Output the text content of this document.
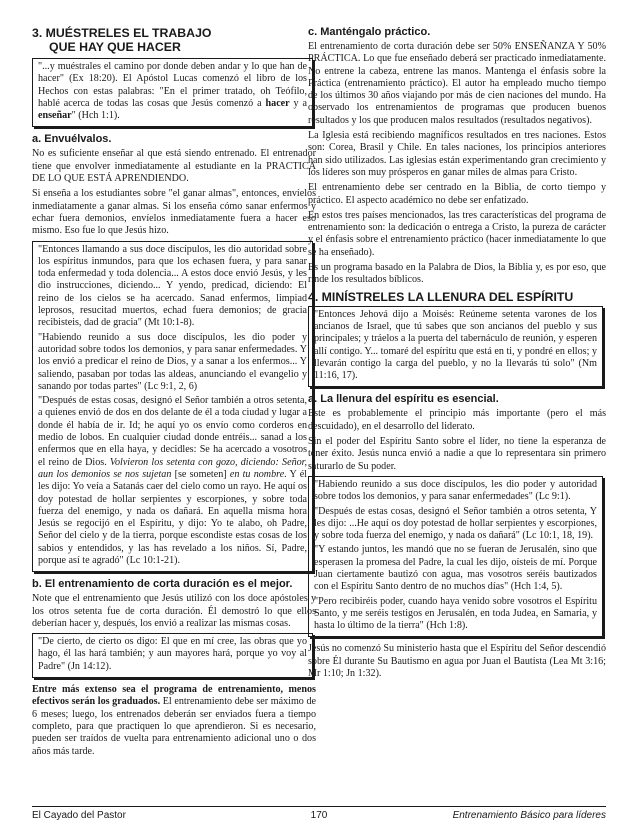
3. MUÉSTRELES EL TRABAJO
QUE HAY QUE HACER

"...y muéstrales el camino por donde deben andar y lo que han de hacer" (Ex 18:20). El Apóstol Lucas comenzó el libro de los Hechos con estas palabras: "En el primer tratado, oh Teófilo, hablé acerca de todas las cosas que Jesús comenzó a hacer y a enseñar" (Hch 1:1).

a. Envuélvalos.

No es suficiente enseñar al que está siendo entrenado. El entrenador tiene que envolver inmediatamente al estudiante en la PRACTICA DE LO QUE ESTÁ APRENDIENDO.

Si enseña a los estudiantes sobre "el ganar almas", entonces, envíelos inmediatamente a ganar almas. Si los enseña cómo sanar enfermos y echar fuera demonios, envíelos inmediatamente fuera a hacer eso mismo. Eso fue lo que Jesús hizo.

"Entonces llamando a sus doce discípulos, les dio autoridad sobre los espíritus inmundos, para que los echasen fuera, y para sanar toda enfermedad y toda dolencia... A estos doce envió Jesús, y les dio instrucciones, diciendo... Y yendo, predicad, diciendo: El reino de los cielos se ha acercado. Sanad enfermos, limpiad leprosos, resucitad muertos, echad fuera demonios; de gracia recibisteis, dad de gracia" (Mt 10:1-8).

"Habiendo reunido a sus doce discípulos, les dio poder y autoridad sobre todos los demonios, y para sanar enfermedades. Y los envió a predicar el reino de Dios, y a sanar a los enfermos... Y saliendo, pasaban por todas las aldeas, anunciando el evangelio y sanando por todas partes" (Lc 9:1, 2, 6)

"Después de estas cosas, designó el Señor también a otros setenta, a quienes envió de dos en dos delante de él a toda ciudad y lugar a donde él había de ir. Id; he aquí yo os envío como corderos en medio de lobos. En cualquier ciudad donde entréis... sanad a los enfermos que en ella haya, y decidles: Se ha acercado a vosotros el reino de Dios. Volvieron los setenta con gozo, diciendo: Señor, aun los demonios se nos sujetan [se someten] en tu nombre. Y él les dijo: Yo veía a Satanás caer del cielo como un rayo. He aquí os doy potestad de hollar serpientes y escorpiones, y sobre toda fuerza del enemigo, y nada os dañará. En aquella misma hora Jesús se regocijó en el Espíritu, y dijo: Yo te alabo, oh Padre, Señor del cielo y de la tierra, porque escondiste estas cosas de los sabios y entendidos, y las has revelado a los niños. Sí, Padre, porque así te agradó" (Lc 10:1-21).

b. El entrenamiento de corta duración es el mejor.

Note que el entrenamiento que Jesús utilizó con los doce apóstoles y los otros setenta fue de corta duración. Él demostró lo que ellos deberían hacer y, después, los envió a realizar las mismas cosas.

"De cierto, de cierto os digo: El que en mí cree, las obras que yo hago, él las hará también; y aun mayores hará, porque yo voy al Padre" (Jn 14:12).

Entre más extenso sea el programa de entrenamiento, menos efectivos serán los graduados. El entrenamiento debe ser máximo de 6 meses; luego, los entrenados deberán ser enviados fuera a tiempo completo, para que practiquen lo que aprendieron. Si es necesario, pueden ser traídos de vuelta para entrenamiento adicional uno o dos años más tarde.

c. Manténgalo práctico.

El entrenamiento de corta duración debe ser 50% ENSEÑANZA Y 50% PRÁCTICA. Lo que fue enseñado deberá ser practicado inmediatamente. No entrene la cabeza, entrene las manos. Mantenga el énfasis sobre la Práctica (entrenamiento práctico). El autor ha empleado mucho tiempo de los últimos 30 años viajando por más de cien naciones del mundo. Ha observado los entrenamientos de programas que producen buenos resultados y los que producen malos resultados (resultados negativos).

La Iglesia está recibiendo magníficos resultados en tres naciones. Estos son: Corea, Brasil y Chile. En tales naciones, los principios anteriores han sido utilizados. Las iglesias están experimentando gran crecimiento y los líderes son muy prósperos en ganar miles de almas para Cristo.

El entrenamiento debe ser centrado en la Biblia, de corto tiempo y práctico. El aspecto académico no debe ser enfatizado.

En estos tres países mencionados, las tres características del programa de entrenamiento son: la dedicación o entrega a Cristo, la pureza de carácter y el énfasis sobre el entrenamiento práctico (hacer inmediatamente lo que se ha enseñado).

Es un programa basado en la Palabra de Dios, la Biblia y, es por eso, que rinde los resultados bíblicos.

4. MINÍSTRELES LA LLENURA DEL ESPÍRITU

"Entonces Jehová dijo a Moisés: Reúneme setenta varones de los ancianos de Israel, que tú sabes que son ancianos del pueblo y sus principales; y tráelos a la puerta del tabernáculo de reunión, y esperen allí contigo. Y... tomaré del espíritu que está en ti, y pondré en ellos; y llevarán contigo la carga del pueblo, y no la llevarás tú solo" (Nm 11:16, 17).

a. La llenura del espíritu es esencial.

Este es probablemente el principio más importante (pero el más descuidado), en el desarrollo del liderato.

Sin el poder del Espíritu Santo sobre el líder, no tiene la esperanza de tener éxito. Jesús nunca envió a nadie a que lo representara sin primero saturarlo de Su poder.

"Habiendo reunido a sus doce discípulos, les dio poder y autoridad sobre todos los demonios, y para sanar enfermedades" (Lc 9:1).

"Después de estas cosas, designó el Señor también a otros setenta, Y les dijo: ...He aquí os doy potestad de hollar serpientes y escorpiones, y sobre toda fuerza del enemigo, y nada os dañará" (Lc 10:1, 18, 19).

"Y estando juntos, les mandó que no se fueran de Jerusalén, sino que esperasen la promesa del Padre, la cual les dijo, oísteis de mí. Porque Juan ciertamente bautizó con agua, mas vosotros seréis bautizados con el Espíritu Santo dentro de no muchos días" (Hch 1:4, 5).

"Pero recibiréis poder, cuando haya venido sobre vosotros el Espíritu Santo, y me seréis testigos en Jerusalén, en toda Judea, en Samaria, y hasta lo último de la tierra" (Hch 1:8).

Jesús no comenzó Su ministerio hasta que el Espíritu del Señor descendió sobre Él durante Su Bautismo en agua por Juan el Bautista (Lea Mt 3:16; Mr 1:10; Jn 1:32).

170
El Cayado del Pastor	Entrenamiento Básico para líderes
